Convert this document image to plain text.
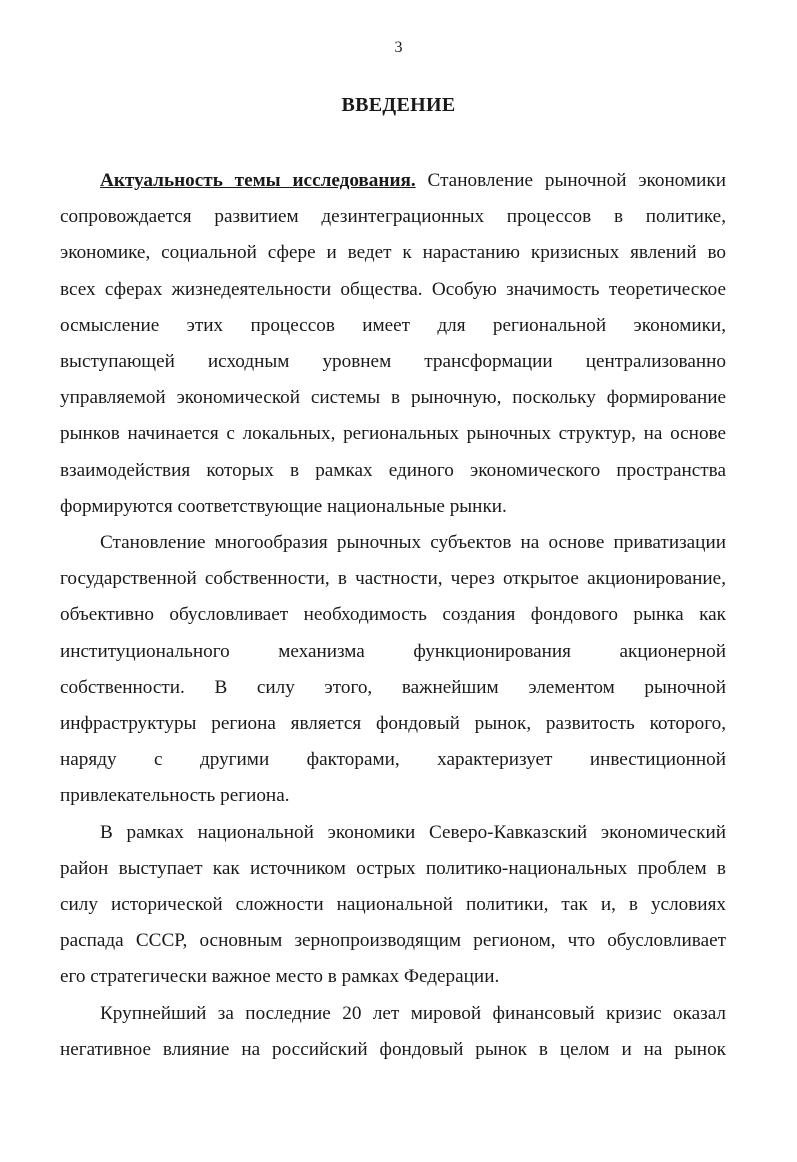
3
ВВЕДЕНИЕ
Актуальность темы исследования. Становление рыночной экономики
сопровождается развитием дезинтеграционных процессов в политике,
экономике, социальной сфере и ведет к нарастанию кризисных явлений во
всех сферах жизнедеятельности общества. Особую значимость теоретическое
осмысление этих процессов имеет для региональной экономики,
выступающей исходным уровнем трансформации централизованно
управляемой экономической системы в рыночную, поскольку формирование
рынков начинается с локальных, региональных рыночных структур, на основе
взаимодействия которых в рамках единого экономического пространства
формируются соответствующие национальные рынки.
Становление многообразия рыночных субъектов на основе приватизации
государственной собственности, в частности, через открытое акционирование,
объективно обусловливает необходимость создания фондового рынка как
институционального механизма функционирования акционерной
собственности. В силу этого, важнейшим элементом рыночной
инфраструктуры региона является фондовый рынок, развитость которого,
наряду с другими факторами, характеризует инвестиционной
привлекательность региона.
В рамках национальной экономики Северо-Кавказский экономический
район выступает как источником острых политико-национальных проблем в
силу исторической сложности национальной политики, так и, в условиях
распада СССР, основным зернопроизводящим регионом, что обусловливает
его стратегически важное место в рамках Федерации.
Крупнейший за последние 20 лет мировой финансовый кризис оказал
негативное влияние на российский фондовый рынок в целом и на рынок
